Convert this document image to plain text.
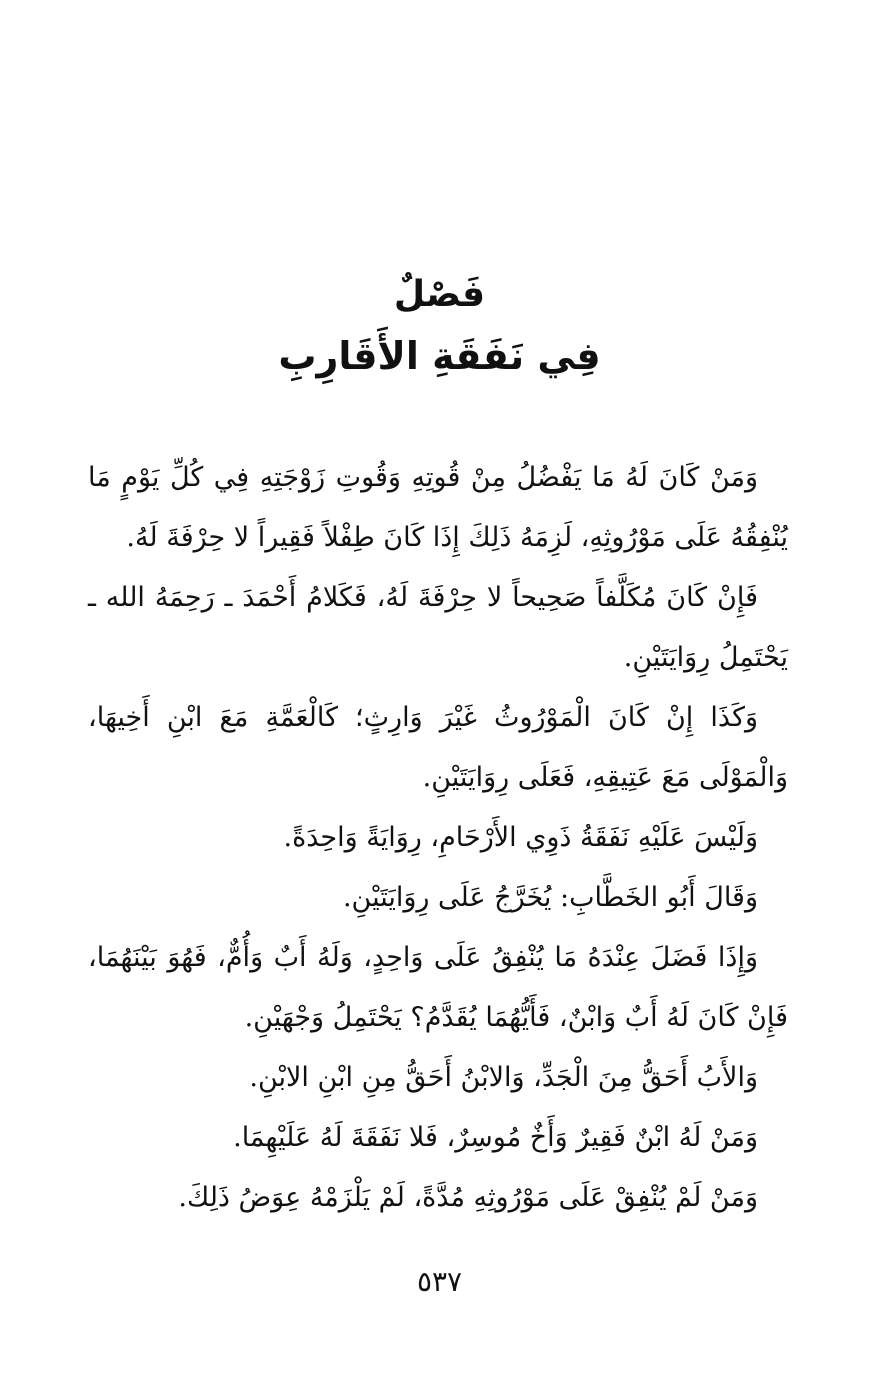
فَصْلٌ
فِي نَفَقَةِ الأَقَارِبِ

وَمَنْ كَانَ لَهُ مَا يَفْضُلُ مِنْ قُوتِهِ وَقُوتِ زَوْجَتِهِ فِي كُلِّ يَوْمٍ مَا يُنْفِقُهُ عَلَى مَوْرُوثِهِ، لَزِمَهُ ذَلِكَ إِذَا كَانَ طِفْلاً فَقِيراً لا حِرْفَةَ لَهُ.

فَإِنْ كَانَ مُكَلَّفاً صَحِيحاً لا حِرْفَةَ لَهُ، فَكَلامُ أَحْمَدَ ـ رَحِمَهُ الله ـ يَحْتَمِلُ رِوَايَتَيْنِ.

وَكَذَا إِنْ كَانَ الْمَوْرُوثُ غَيْرَ وَارِثٍ؛ كَالْعَمَّةِ مَعَ ابْنِ أَخِيهَا، وَالْمَوْلَى مَعَ عَتِيقِهِ، فَعَلَى رِوَايَتَيْنِ.

وَلَيْسَ عَلَيْهِ نَفَقَةُ ذَوِي الأَرْحَامِ، رِوَايَةً وَاحِدَةً.

وَقَالَ أَبُو الخَطَّابِ: يُخَرَّجُ عَلَى رِوَايَتَيْنِ.

وَإِذَا فَضَلَ عِنْدَهُ مَا يُنْفِقُ عَلَى وَاحِدٍ، وَلَهُ أَبٌ وَأُمٌّ، فَهُوَ بَيْنَهُمَا، فَإِنْ كَانَ لَهُ أَبٌ وَابْنٌ، فَأَيُّهُمَا يُقَدَّمُ؟ يَحْتَمِلُ وَجْهَيْنِ.

وَالأَبُ أَحَقُّ مِنَ الْجَدِّ، وَالابْنُ أَحَقُّ مِنِ ابْنِ الابْنِ.

وَمَنْ لَهُ ابْنٌ فَقِيرٌ وَأَخٌ مُوسِرٌ، فَلا نَفَقَةَ لَهُ عَلَيْهِمَا.

وَمَنْ لَمْ يُنْفِقْ عَلَى مَوْرُوثِهِ مُدَّةً، لَمْ يَلْزَمْهُ عِوَضُ ذَلِكَ.

٥٣٧
